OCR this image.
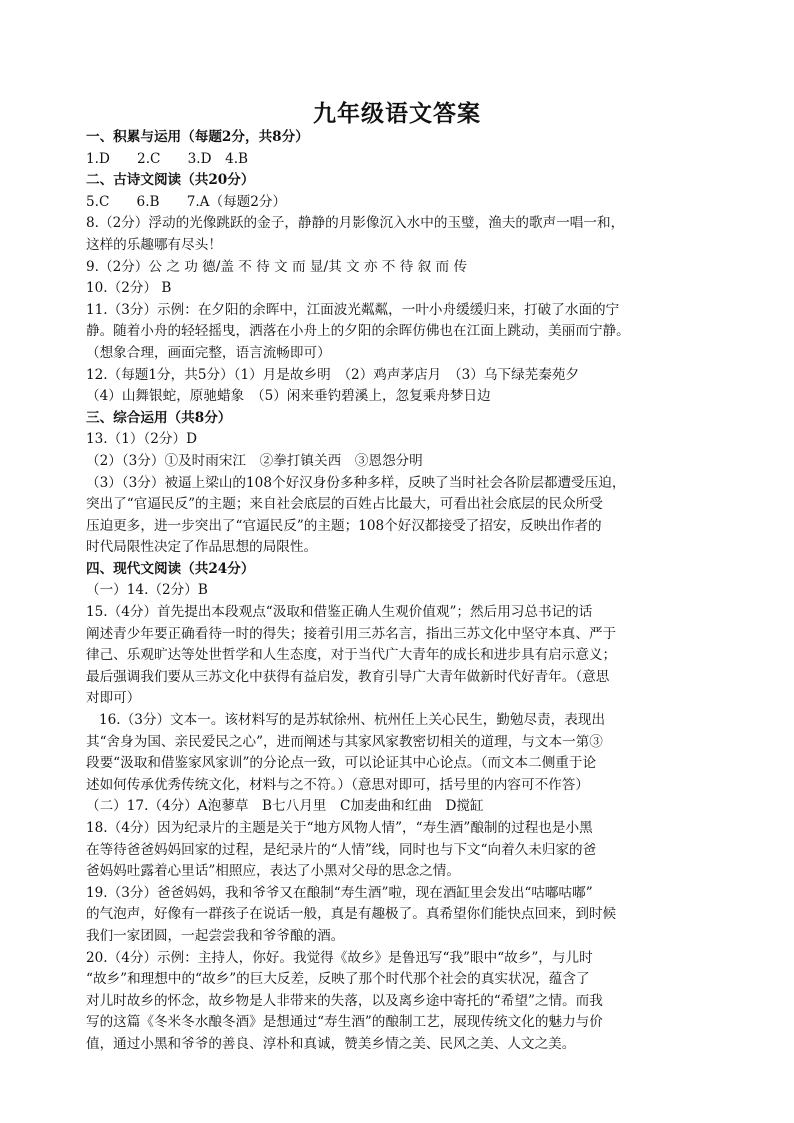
九年级语文答案
一、积累与运用（每题2分，共8分）
1.D　　2.C　　3.D　4.B
二、古诗文阅读（共20分）
5.C　　6.B　　7.A（每题2分）
8.（2分）浮动的光像跳跃的金子，静静的月影像沉入水中的玉璧，渔夫的歌声一唱一和，
这样的乐趣哪有尽头！
9.（2分）公 之 功 德/盖 不 待 文 而 显/其 文 亦 不 待 叙 而 传
10.（2分） B
11.（3分）示例：在夕阳的余晖中，江面波光粼粼，一叶小舟缓缓归来，打破了水面的宁
静。随着小舟的轻轻摇曳，洒落在小舟上的夕阳的余晖仿佛也在江面上跳动，美丽而宁静。
（想象合理，画面完整，语言流畅即可）
12.（每题1分，共5分）（1）月是故乡明　（2）鸡声茅店月　（3）乌下绿芜秦苑夕
（4）山舞银蛇，原驰蜡象　（5）闲来垂钓碧溪上，忽复乘舟梦日边
三、综合运用（共8分）
13.（1）（2分）D
（2）（3分）①及时雨宋江　②拳打镇关西　③恩怨分明
（3）（3分）被逼上梁山的108个好汉身份多种多样，反映了当时社会各阶层都遭受压迫，
突出了“官逼民反”的主题；来自社会底层的百姓占比最大，可看出社会底层的民众所受
压迫更多，进一步突出了“官逼民反”的主题；108个好汉都接受了招安，反映出作者的
时代局限性决定了作品思想的局限性。
四、现代文阅读（共24分）
（一）14.（2分）B
15.（4分）首先提出本段观点“汲取和借鉴正确人生观价值观”；然后用习总书记的话
阐述青少年要正确看待一时的得失；接着引用三苏名言，指出三苏文化中坚守本真、严于
律己、乐观旷达等处世哲学和人生态度，对于当代广大青年的成长和进步具有启示意义；
最后强调我们要从三苏文化中获得有益启发，教育引导广大青年做新时代好青年。（意思
对即可）
16.（3分）文本一。该材料写的是苏轼徐州、杭州任上关心民生，勤勉尽责，表现出
其“舍身为国、亲民爱民之心”，进而阐述与其家风家教密切相关的道理，与文本一第③
段要“汲取和借鉴家风家训”的分论点一致，可以论证其中心论点。（而文本二侧重于论
述如何传承优秀传统文化，材料与之不符。）（意思对即可，括号里的内容可不作答）
（二）17.（4分）A泡蓼草　B七八月里　C加麦曲和红曲　D搅缸
18.（4分）因为纪录片的主题是关于“地方风物人情”，“寿生酒”酿制的过程也是小黑
在等待爸爸妈妈回家的过程，是纪录片的“人情”线，同时也与下文“向着久未归家的爸
爸妈妈吐露着心里话”相照应，表达了小黑对父母的思念之情。
19.（3分）爸爸妈妈，我和爷爷又在酿制“寿生酒”啦，现在酒缸里会发出“咕嘟咕嘟”
的气泡声，好像有一群孩子在说话一般，真是有趣极了。真希望你们能快点回来，到时候
我们一家团圆，一起尝尝我和爷爷酿的酒。
20.（4分）示例：主持人，你好。我觉得《故乡》是鲁迅写“我”眼中“故乡”，与儿时
“故乡”和理想中的“故乡”的巨大反差，反映了那个时代那个社会的真实状况，蕴含了
对儿时故乡的怀念，故乡物是人非带来的失落，以及离乡途中寄托的“希望”之情。而我
写的这篇《冬米冬水酿冬酒》是想通过“寿生酒”的酿制工艺，展现传统文化的魅力与价
值，通过小黑和爷爷的善良、淳朴和真诚，赞美乡情之美、民风之美、人文之美。
